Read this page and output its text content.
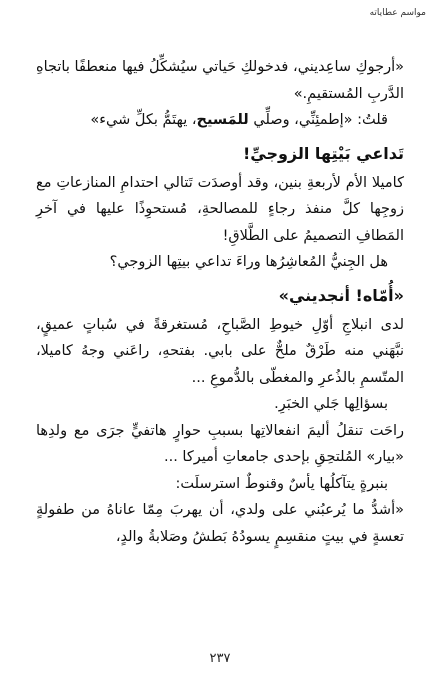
مواسم عطاياته

«أرجوكِ ساعِديني، فدخولكِ حَياتي سيُشكِّلُ فيها منعطفًا باتجاهِ الدَّربِ المُستقيمِ.»

قلتُ: «إطمئِنِّي، وصلِّي للمَسيح، يهتَمُّ بكلِّ شيء»

تَداعي بَيْتِها الزوجيِّ!

كاميلا الأم لأربعةِ بنين، وقد أوصدَت تَتالي احتدامِ المنازعاتِ مع زوجِها كلَّ منفذ رجاءٍ للمصالحةِ، مُستحوِذًا عليها في آخرِ المَطافِ التصميمُ على الطَّلاقِ!

هل الجِنيُّ المُعاشِرُها وراءَ تداعي بيتِها الزوجي؟

«أُمّاه! أنجديني»

لدى انبلاجِ أوّلِ خيوطِ الصَّباحِ، مُستغرقةً في سُباتٍ عميقٍ، نبَّهَني منه طَرْقٌ ملحٌّ على بابي. بفتحهِ، راعَني وجهُ كاميلا، المتّسمِ بالذُعرِ والمغطّى بالدُّموعِ ...

بسؤالِها جَلي الخبَرِ.

راحَت تنقلُ أليمَ انفعالاتِها بسببِ حوارٍ هاتفيٍّ جرَى مع ولدِها «بيار» المُلتحِقِ بإحدى جامعاتِ أميركا ...

بنبرةٍ يتآكلُها يأسٌ وقنوطٌ استرسلَت:

«أشدُّ ما يُرعبُني على ولدي، أن يهربَ مِمّا عاناهُ من طفولةٍ تعسةٍ في بيتٍ منقسِمٍ يسودُهُ بَطشُ وصَلابةُ والدٍ،

٢٣٧
